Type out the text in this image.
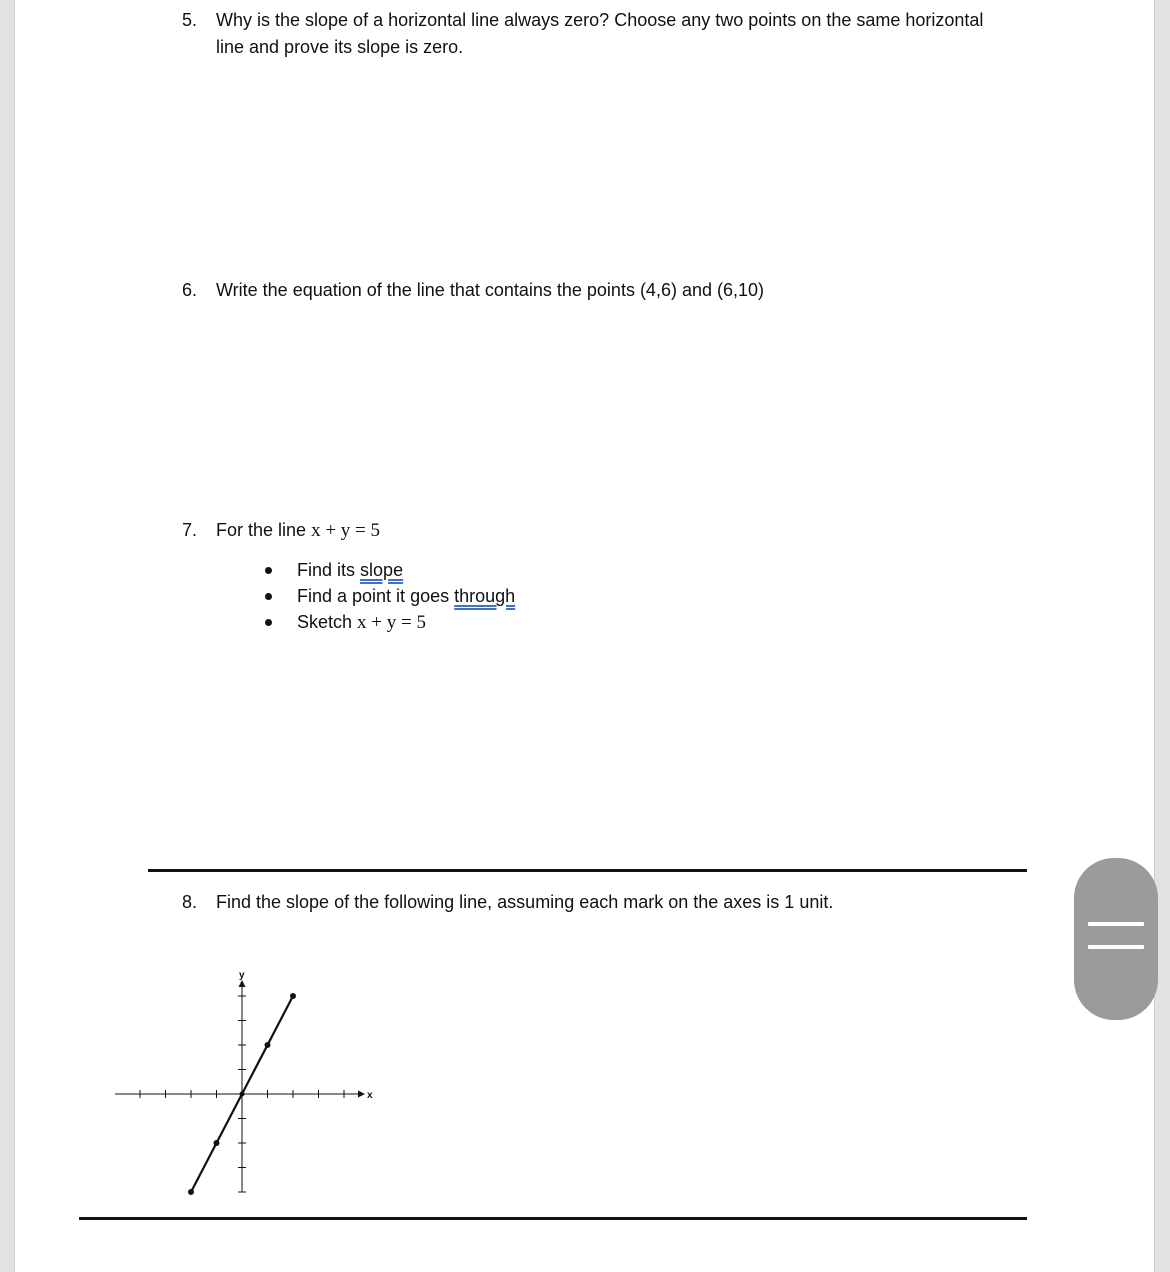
5. Why is the slope of a horizontal line always zero? Choose any two points on the same horizontal
line and prove its slope is zero.
6. Write the equation of the line that contains the points (4,6) and (6,10)
7. For the line x + y = 5
Find its slope
Find a point it goes through
Sketch x + y = 5
8. Find the slope of the following line, assuming each mark on the axes is 1 unit.
x
y
